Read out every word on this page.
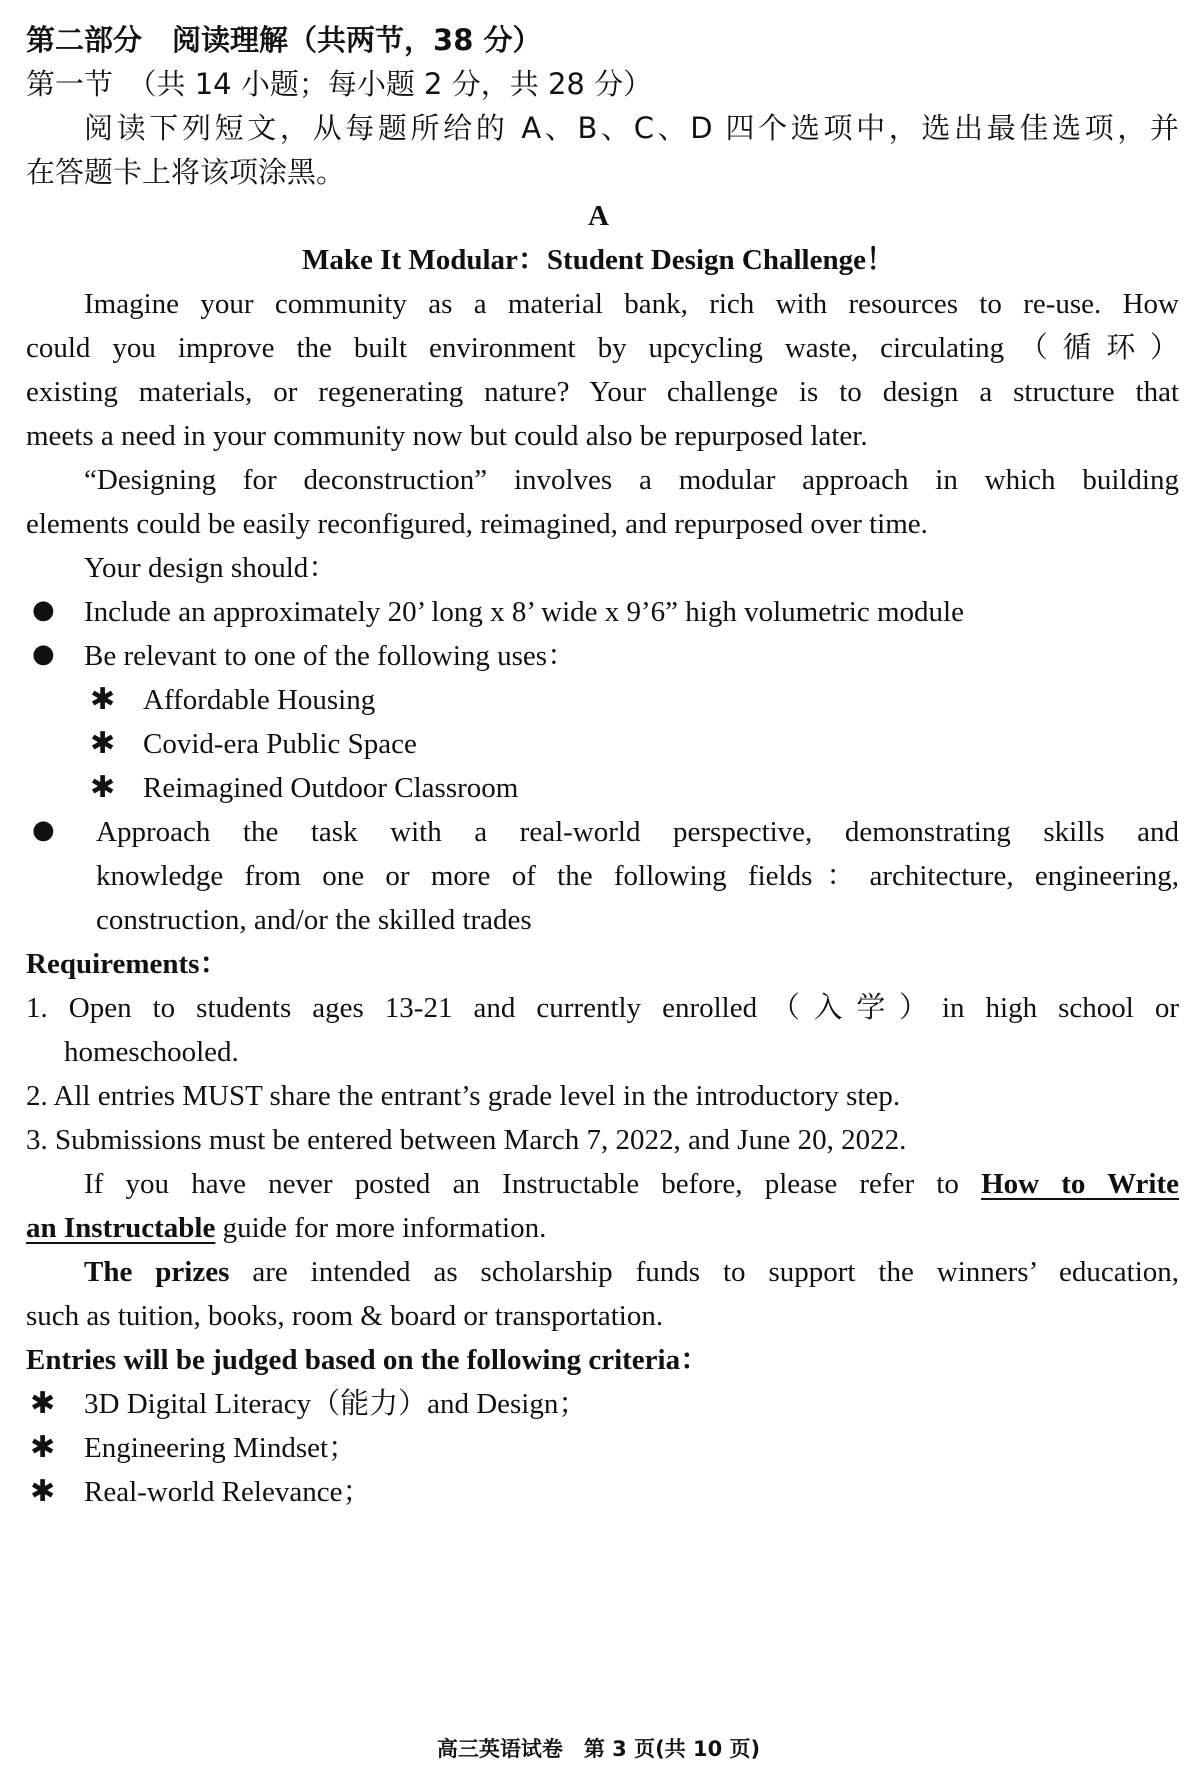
第二部分 阅读理解（共两节，38 分）
第一节　（共 14 小题；每小题 2 分，共 28 分）
阅读下列短文，从每题所给的 A、B、C、D 四个选项中，选出最佳选项，并
在答题卡上将该项涂黑。
A
Make It Modular：Student Design Challenge！
Imagine your community as a material bank, rich with resources to re-use. How
could you improve the built environment by upcycling waste, circulating（循环）
existing materials, or regenerating nature? Your challenge is to design a structure that
meets a need in your community now but could also be repurposed later.
“Designing for deconstruction” involves a modular approach in which building
elements could be easily reconfigured, reimagined, and repurposed over time.
Your design should：
● Include an approximately 20’ long x 8’ wide x 9’6” high volumetric module
● Be relevant to one of the following uses：
✱ Affordable Housing
✱ Covid-era Public Space
✱ Reimagined Outdoor Classroom
● Approach the task with a real-world perspective, demonstrating skills and
knowledge from one or more of the following fields：architecture, engineering,
construction, and/or the skilled trades
Requirements：
1. Open to students ages 13-21 and currently enrolled（入学）in high school or
homeschooled.
2. All entries MUST share the entrant’s grade level in the introductory step.
3. Submissions must be entered between March 7, 2022, and June 20, 2022.
If you have never posted an Instructable before, please refer to How to Write
an Instructable guide for more information.
The prizes are intended as scholarship funds to support the winners’ education,
such as tuition, books, room & board or transportation.
Entries will be judged based on the following criteria：
✱ 3D Digital Literacy（能力）and Design；
✱ Engineering Mindset；
✱ Real-world Relevance；
高三英语试卷　第 3 页(共 10 页)
